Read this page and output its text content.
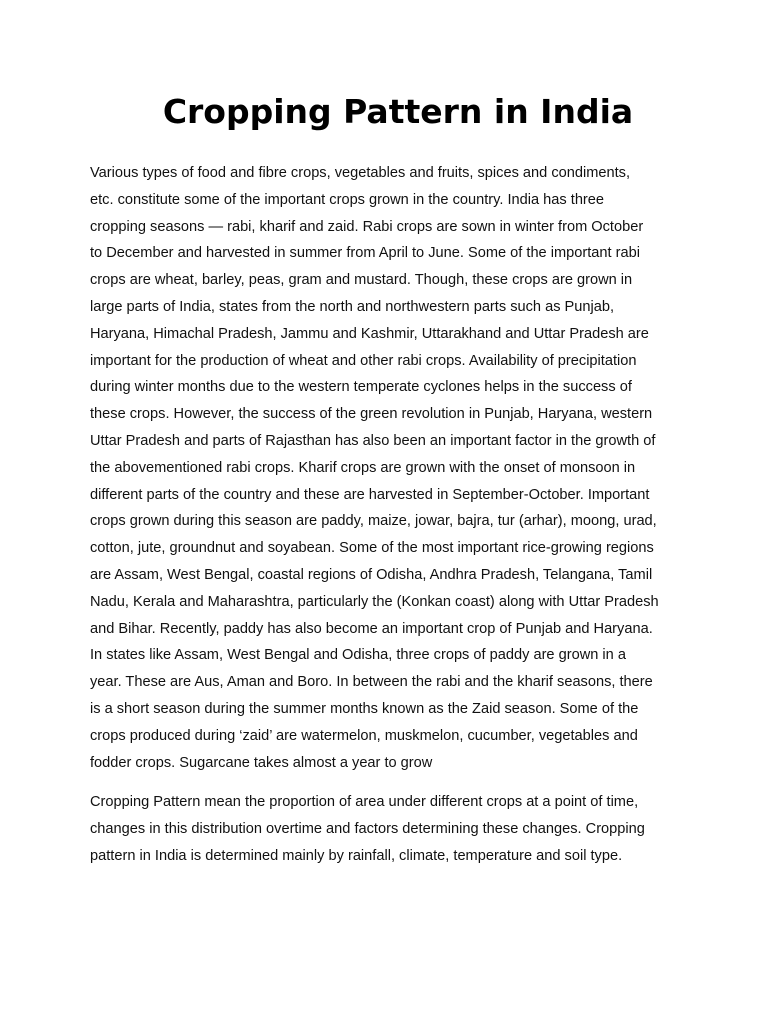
Cropping Pattern in India

Various types of food and fibre crops, vegetables and fruits, spices and condiments,
etc. constitute some of the important crops grown in the country. India has three
cropping seasons — rabi, kharif and zaid. Rabi crops are sown in winter from October
to December and harvested in summer from April to June. Some of the important rabi
crops are wheat, barley, peas, gram and mustard. Though, these crops are grown in
large parts of India, states from the north and northwestern parts such as Punjab,
Haryana, Himachal Pradesh, Jammu and Kashmir, Uttarakhand and Uttar Pradesh are
important for the production of wheat and other rabi crops. Availability of precipitation
during winter months due to the western temperate cyclones helps in the success of
these crops. However, the success of the green revolution in Punjab, Haryana, western
Uttar Pradesh and parts of Rajasthan has also been an important factor in the growth of
the abovementioned rabi crops. Kharif crops are grown with the onset of monsoon in
different parts of the country and these are harvested in September-October. Important
crops grown during this season are paddy, maize, jowar, bajra, tur (arhar), moong, urad,
cotton, jute, groundnut and soyabean. Some of the most important rice-growing regions
are Assam, West Bengal, coastal regions of Odisha, Andhra Pradesh, Telangana, Tamil
Nadu, Kerala and Maharashtra, particularly the (Konkan coast) along with Uttar Pradesh
and Bihar. Recently, paddy has also become an important crop of Punjab and Haryana.
In states like Assam, West Bengal and Odisha, three crops of paddy are grown in a
year. These are Aus, Aman and Boro. In between the rabi and the kharif seasons, there
is a short season during the summer months known as the Zaid season. Some of the
crops produced during ‘zaid’ are watermelon, muskmelon, cucumber, vegetables and
fodder crops. Sugarcane takes almost a year to grow

Cropping Pattern mean the proportion of area under different crops at a point of time,
changes in this distribution overtime and factors determining these changes. Cropping
pattern in India is determined mainly by rainfall, climate, temperature and soil type.
